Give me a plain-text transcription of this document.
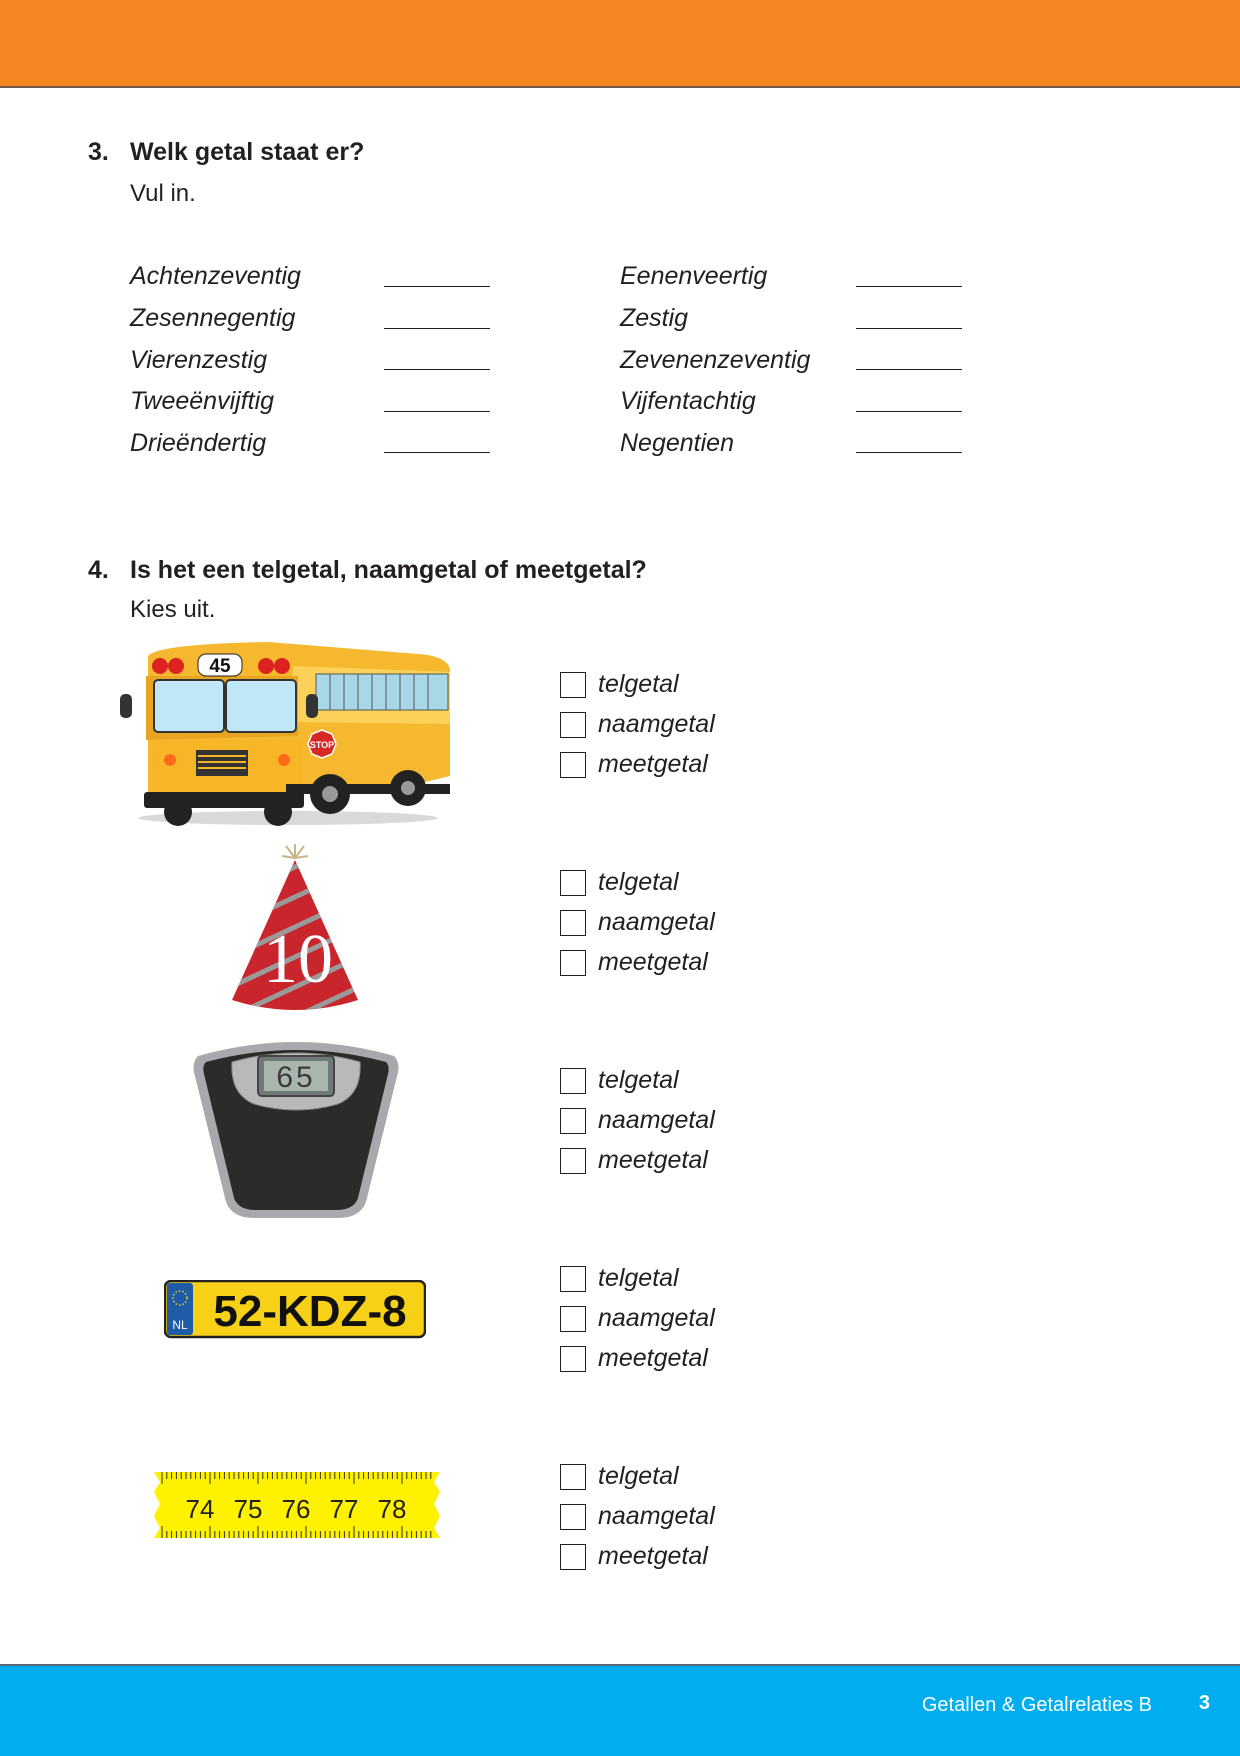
3. Welk getal staat er?
Vul in.
Achtenzeventig
Zesennegentig
Vierenzestig
Tweeënvijftig
Drieëndertig
Eenenveertig
Zestig
Zevenenzeventig
Vijfentachtig
Negentien
4. Is het een telgetal, naamgetal of meetgetal?
Kies uit.
45
STOP
telgetal
naamgetal
meetgetal
10
telgetal
naamgetal
meetgetal
65	telgetal
naamgetal
meetgetal
NL 52-KDZ-8
telgetal
naamgetal
meetgetal
74 75 76 77 78
telgetal
naamgetal
meetgetal
Getallen & Getalrelaties B 3
